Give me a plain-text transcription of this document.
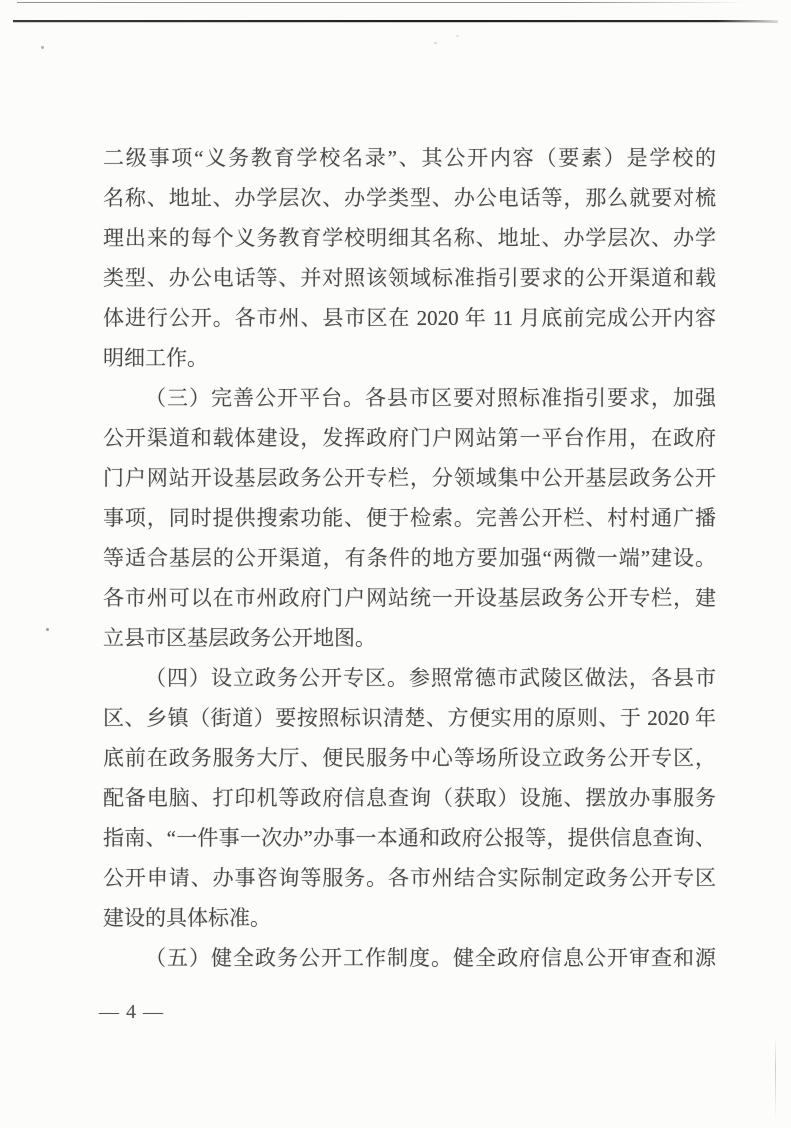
二级事项“义务教育学校名录”、其公开内容（要素）是学校的
名称、地址、办学层次、办学类型、办公电话等，那么就要对梳
理出来的每个义务教育学校明细其名称、地址、办学层次、办学
类型、办公电话等、并对照该领域标准指引要求的公开渠道和载
体进行公开。各市州、县市区在 2020 年 11 月底前完成公开内容
明细工作。
（三）完善公开平台。各县市区要对照标准指引要求，加强
公开渠道和载体建设，发挥政府门户网站第一平台作用，在政府
门户网站开设基层政务公开专栏，分领域集中公开基层政务公开
事项，同时提供搜索功能、便于检索。完善公开栏、村村通广播
等适合基层的公开渠道，有条件的地方要加强“两微一端”建设。
各市州可以在市州政府门户网站统一开设基层政务公开专栏，建
立县市区基层政务公开地图。
（四）设立政务公开专区。参照常德市武陵区做法，各县市
区、乡镇（街道）要按照标识清楚、方便实用的原则、于 2020 年
底前在政务服务大厅、便民服务中心等场所设立政务公开专区，
配备电脑、打印机等政府信息查询（获取）设施、摆放办事服务
指南、“一件事一次办”办事一本通和政府公报等，提供信息查询、
公开申请、办事咨询等服务。各市州结合实际制定政务公开专区
建设的具体标准。
（五）健全政务公开工作制度。健全政府信息公开审查和源
— 4 —
